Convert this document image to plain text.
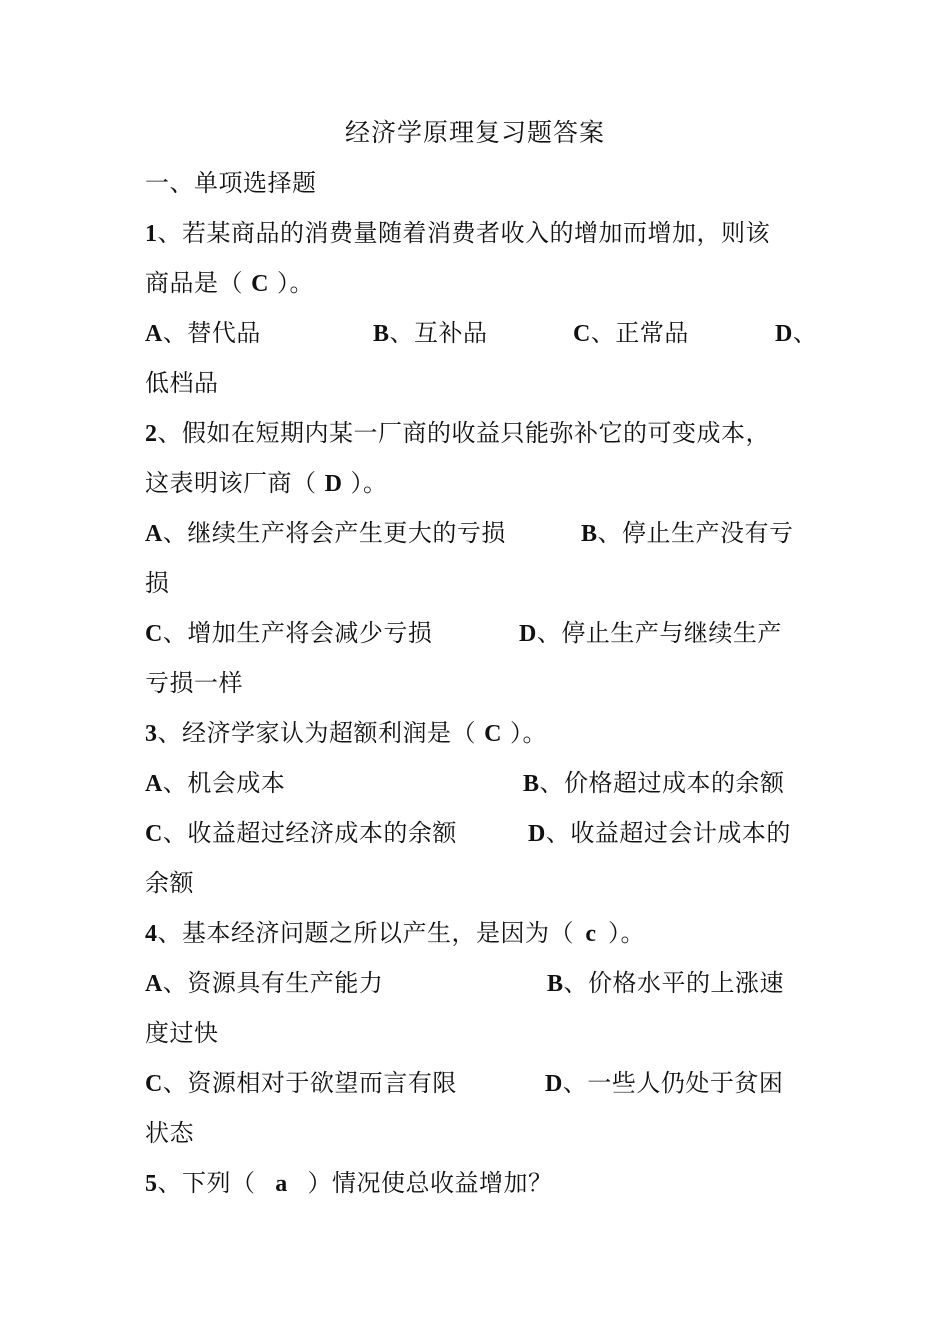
经济学原理复习题答案
一、单项选择题
1、若某商品的消费量随着消费者收入的增加而增加，则该
商品是（ C ）。
A、替代品	B、互补品	C、正常品	D、
低档品
2、假如在短期内某一厂商的收益只能弥补它的可变成本，
这表明该厂商（ D ）。
A、继续生产将会产生更大的亏损	B、停止生产没有亏
损
C、增加生产将会减少亏损	D、停止生产与继续生产
亏损一样
3、经济学家认为超额利润是（ C ）。
A、机会成本	B、价格超过成本的余额
C、收益超过经济成本的余额	D、收益超过会计成本的
余额
4、基本经济问题之所以产生，是因为（ c ）。
A、资源具有生产能力	B、价格水平的上涨速
度过快
C、资源相对于欲望而言有限	D、一些人仍处于贫困
状态
5、下列（ a ）情况使总收益增加？
